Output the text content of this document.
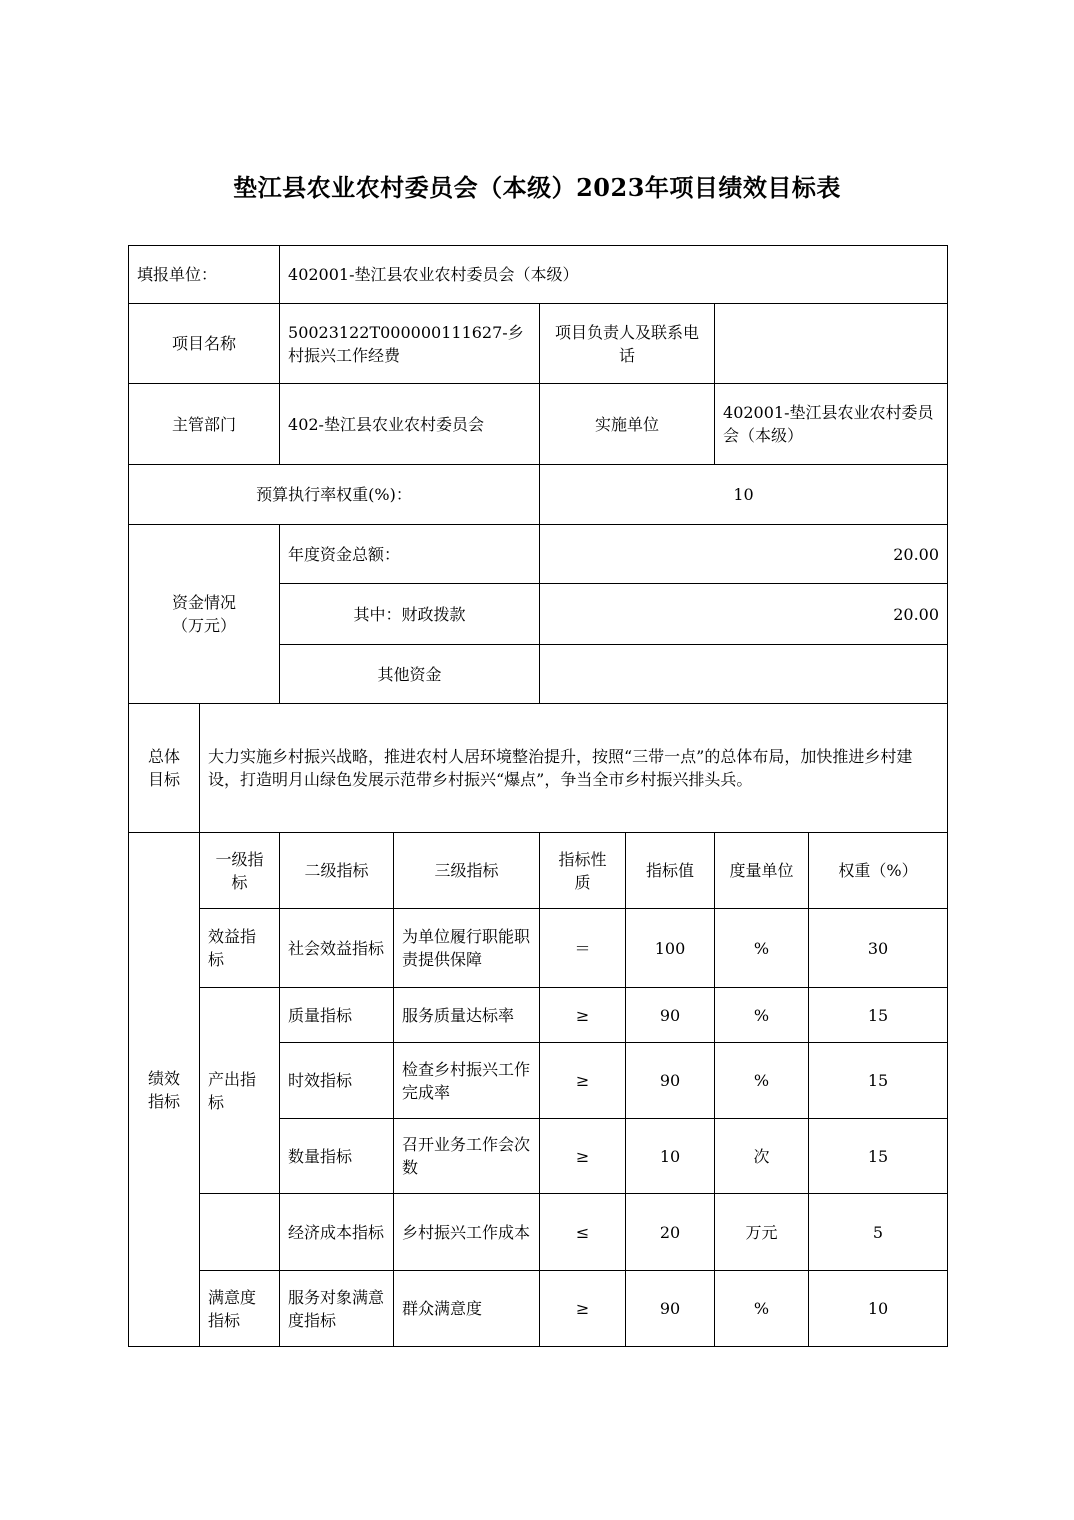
垫江县农业农村委员会（本级）2023年项目绩效目标表
填报单位：		402001-垫江县农业农村委员会（本级）					
项目名称		50023122T000000111627-乡村振兴工作经费		项目负责人及联系电话			
主管部门		402-垫江县农业农村委员会		实施单位		402001-垫江县农业农村委员会（本级）	
预算执行率权重(%)：				10			
资金情况（万元）		年度资金总额：		20.00			
		其中：财政拨款		20.00			
		其他资金					
总体目标	大力实施乡村振兴战略，推进农村人居环境整治提升，按照“三带一点”的总体布局，加快推进乡村建设，打造明月山绿色发展示范带乡村振兴“爆点”，争当全市乡村振兴排头兵。						
绩效指标	一级指标	二级指标	三级指标	指标性质	指标值	度量单位	权重（%）
	效益指标	社会效益指标	为单位履行职能职责提供保障	＝	100	%	30
	产出指标	质量指标	服务质量达标率	≥	90	%	15
		时效指标	检查乡村振兴工作完成率	≥	90	%	15
		数量指标	召开业务工作会次数	≥	10	次	15
		经济成本指标	乡村振兴工作成本	≤	20	万元	5
	满意度指标	服务对象满意度指标	群众满意度	≥	90	%	10
